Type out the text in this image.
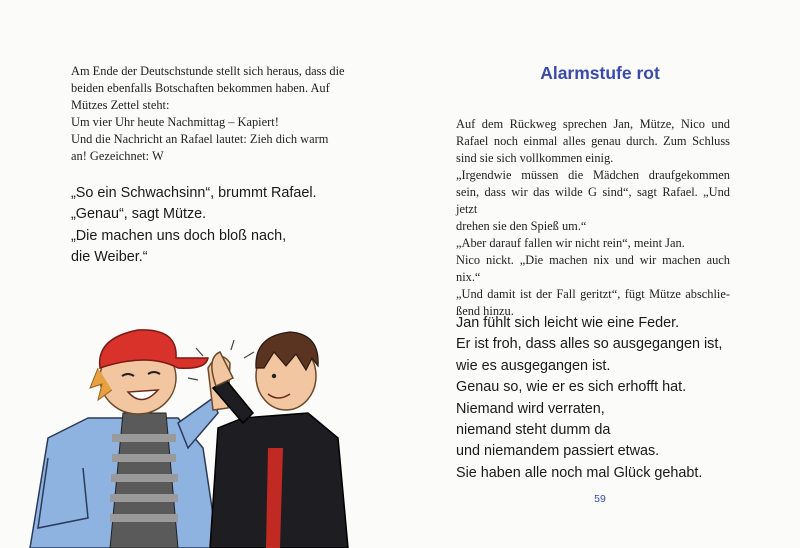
Am Ende der Deutschstunde stellt sich heraus, dass die
beiden ebenfalls Botschaften bekommen haben. Auf
Mützes Zettel steht:
Um vier Uhr heute Nachmittag – Kapiert!
Und die Nachricht an Rafael lautet: Zieh dich warm
an! Gezeichnet: W
„So ein Schwachsinn“, brummt Rafael.
„Genau“, sagt Mütze.
„Die machen uns doch bloß nach,
die Weiber.“
Alarmstufe rot
Auf dem Rückweg sprechen Jan, Mütze, Nico und
Rafael noch einmal alles genau durch. Zum Schluss
sind sie sich vollkommen einig.
„Irgendwie müssen die Mädchen draufgekommen
sein, dass wir das wilde G sind“, sagt Rafael. „Und jetzt
drehen sie den Spieß um.“
„Aber darauf fallen wir nicht rein“, meint Jan.
Nico nickt. „Die machen nix und wir machen auch
nix.“
„Und damit ist der Fall geritzt“, fügt Mütze abschlie-
ßend hinzu.
Jan fühlt sich leicht wie eine Feder.
Er ist froh, dass alles so ausgegangen ist,
wie es ausgegangen ist.
Genau so, wie er es sich erhofft hat.
Niemand wird verraten,
niemand steht dumm da
und niemandem passiert etwas.
Sie haben alle noch mal Glück gehabt.
59
